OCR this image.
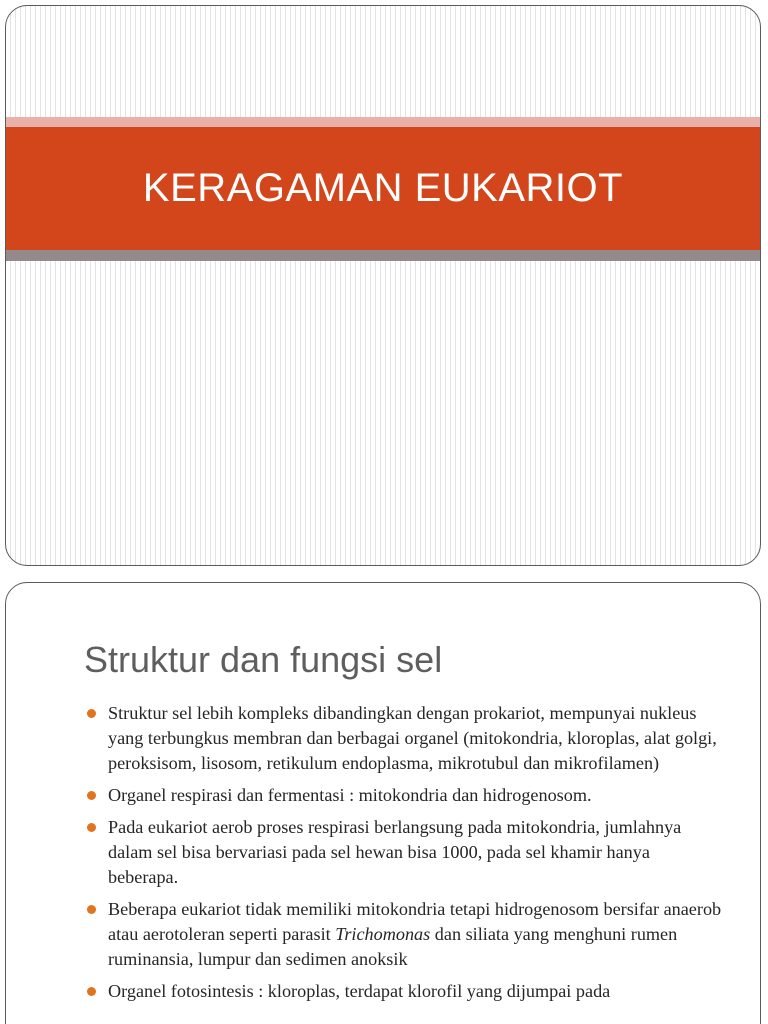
KERAGAMAN EUKARIOT
Struktur dan fungsi sel
Struktur sel lebih kompleks dibandingkan dengan prokariot, mempunyai nukleus yang terbungkus membran dan berbagai organel (mitokondria, kloroplas, alat golgi, peroksisom, lisosom, retikulum endoplasma, mikrotubul dan mikrofilamen)
Organel respirasi dan fermentasi : mitokondria dan hidrogenosom.
Pada eukariot aerob proses respirasi berlangsung pada mitokondria, jumlahnya dalam sel bisa bervariasi pada sel hewan bisa 1000, pada sel khamir hanya beberapa.
Beberapa eukariot tidak memiliki mitokondria tetapi hidrogenosom bersifar anaerob atau aerotoleran seperti parasit Trichomonas dan siliata yang menghuni rumen ruminansia, lumpur dan sedimen anoksik
Organel fotosintesis : kloroplas, terdapat klorofil yang dijumpai pada
